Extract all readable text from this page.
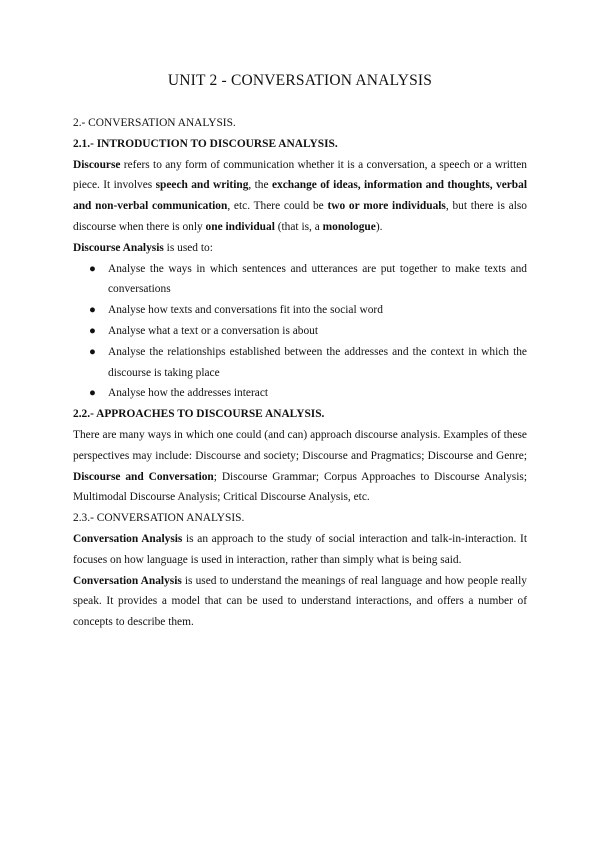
UNIT 2 - CONVERSATION ANALYSIS
2.- CONVERSATION ANALYSIS.
2.1.- INTRODUCTION TO DISCOURSE ANALYSIS.

Discourse refers to any form of communication whether it is a conversation, a speech or a written piece. It involves speech and writing, the exchange of ideas, information and thoughts, verbal and non-verbal communication, etc. There could be two or more individuals, but there is also discourse when there is only one individual (that is, a monologue).

Discourse Analysis is used to:

● Analyse the ways in which sentences and utterances are put together to make texts and conversations
● Analyse how texts and conversations fit into the social word
● Analyse what a text or a conversation is about
● Analyse the relationships established between the addresses and the context in which the discourse is taking place
● Analyse how the addresses interact
2.2.- APPROACHES TO DISCOURSE ANALYSIS.

There are many ways in which one could (and can) approach discourse analysis. Examples of these perspectives may include: Discourse and society; Discourse and Pragmatics; Discourse and Genre; Discourse and Conversation; Discourse Grammar; Corpus Approaches to Discourse Analysis; Multimodal Discourse Analysis; Critical Discourse Analysis, etc.

2.3.- CONVERSATION ANALYSIS.

Conversation Analysis is an approach to the study of social interaction and talk-in-interaction. It focuses on how language is used in interaction, rather than simply what is being said.

Conversation Analysis is used to understand the meanings of real language and how people really speak. It provides a model that can be used to understand interactions, and offers a number of concepts to describe them.
